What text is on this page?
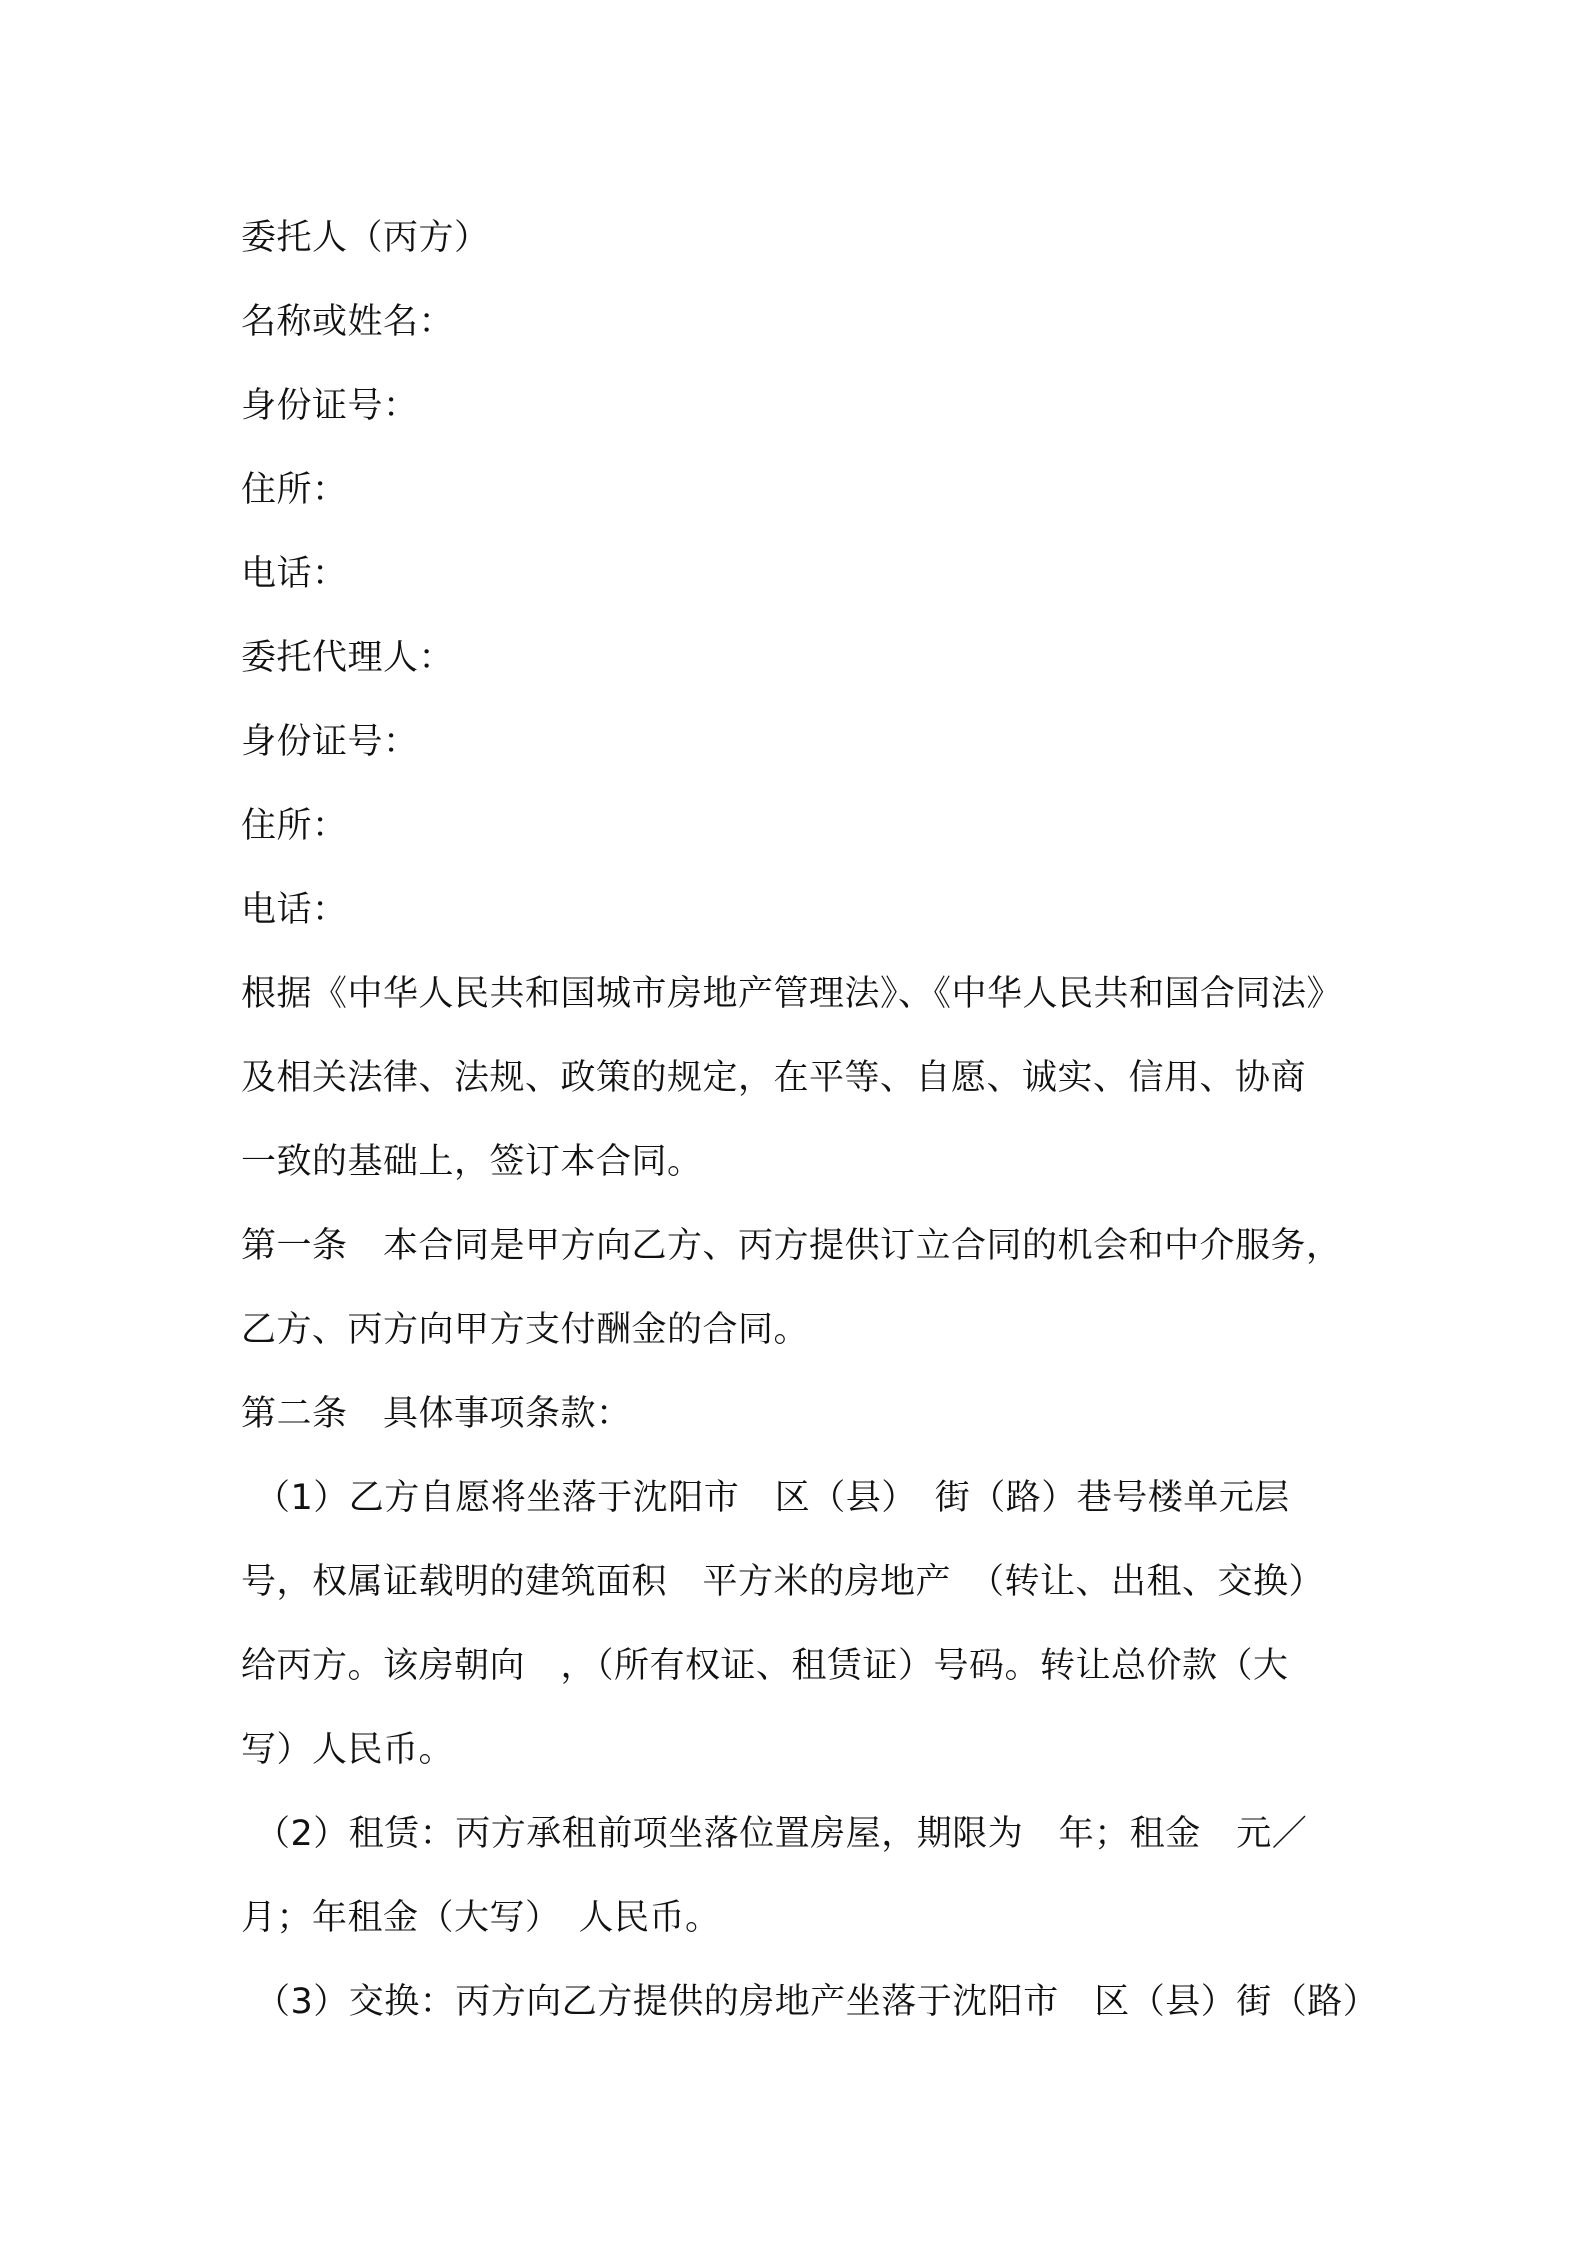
委托人（丙方）
名称或姓名：
身份证号：
住所：
电话：
委托代理人：
身份证号：
住所：
电话：
根据《中华人民共和国城市房地产管理法》、《中华人民共和国合同法》
及相关法律、法规、政策的规定，在平等、自愿、诚实、信用、协商
一致的基础上，签订本合同。
第一条　本合同是甲方向乙方、丙方提供订立合同的机会和中介服务，
乙方、丙方向甲方支付酬金的合同。
第二条　具体事项条款：
（1）乙方自愿将坐落于沈阳市　区（县）　街（路）巷号楼单元层
号，权属证载明的建筑面积　平方米的房地产　（转让、出租、交换）
给丙方。该房朝向　，（所有权证、租赁证）号码。转让总价款（大
写）人民币。
（2）租赁：丙方承租前项坐落位置房屋，期限为　年；租金　元／
月；年租金（大写）　人民币。
（3）交换：丙方向乙方提供的房地产坐落于沈阳市　区（县）街（路）
